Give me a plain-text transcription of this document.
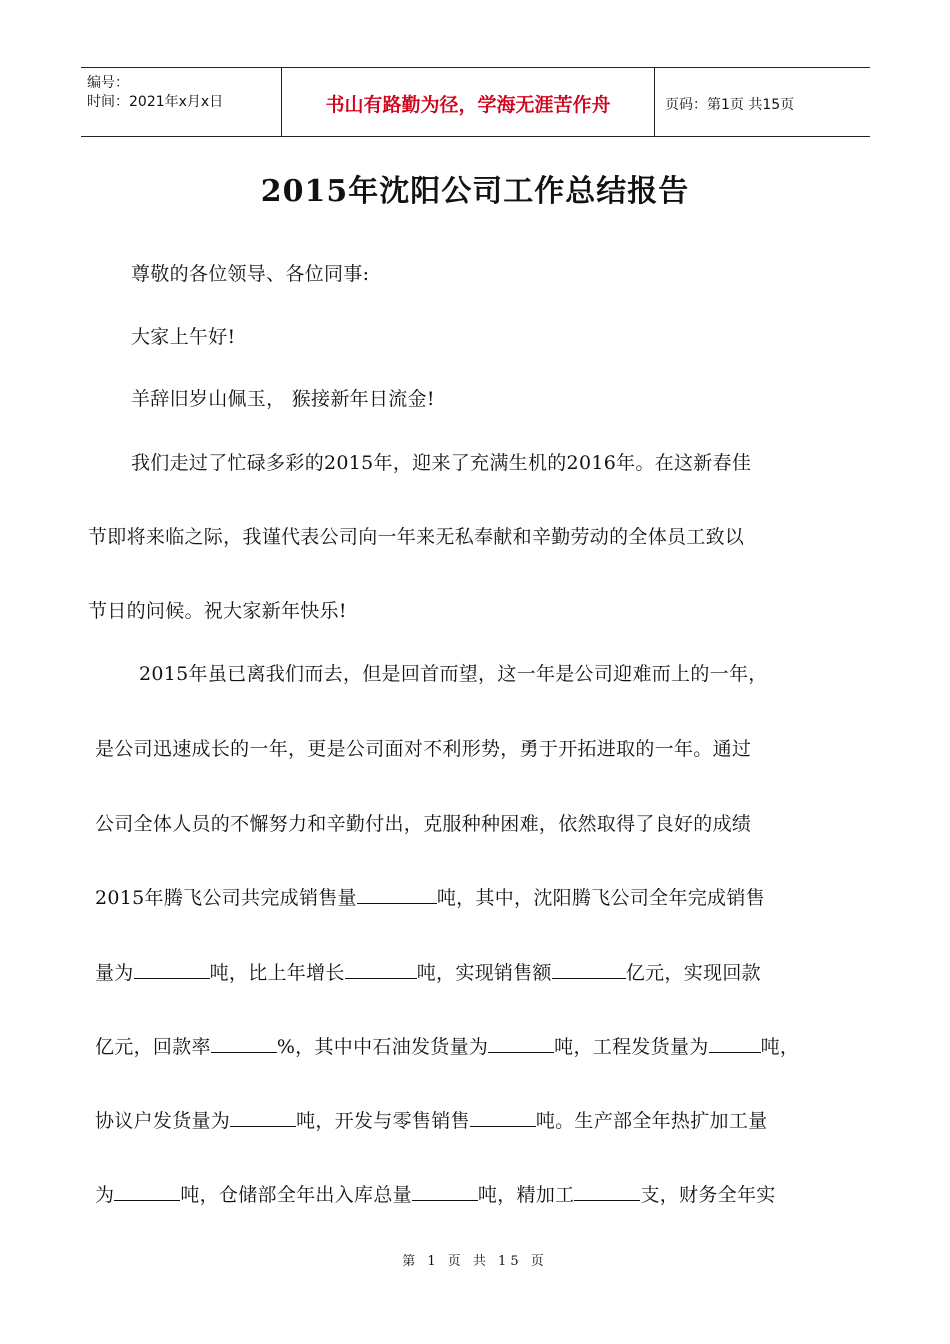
编号：
时间：2021年x月x日	书山有路勤为径，学海无涯苦作舟	页码：第1页 共15页
2015年沈阳公司工作总结报告
尊敬的各位领导、各位同事:
大家上午好!
羊辞旧岁山佩玉， 猴接新年日流金!
我们走过了忙碌多彩的2015年，迎来了充满生机的2016年。在这新春佳
节即将来临之际，我谨代表公司向一年来无私奉献和辛勤劳动的全体员工致以
节日的问候。祝大家新年快乐!
2015年虽已离我们而去，但是回首而望，这一年是公司迎难而上的一年，
是公司迅速成长的一年，更是公司面对不利形势，勇于开拓进取的一年。通过
公司全体人员的不懈努力和辛勤付出，克服种种困难，依然取得了良好的成绩
2015年腾飞公司共完成销售量	吨，其中，沈阳腾飞公司全年完成销售
量为	吨，比上年增长	吨，实现销售额	亿元，实现回款
亿元，回款率	%，其中中石油发货量为	吨，工程发货量为	吨，
协议户发货量为	吨，开发与零售销售	吨。生产部全年热扩加工量
为	吨，仓储部全年出入库总量	吨，精加工	支，财务全年实
第 1 页 共 15 页
